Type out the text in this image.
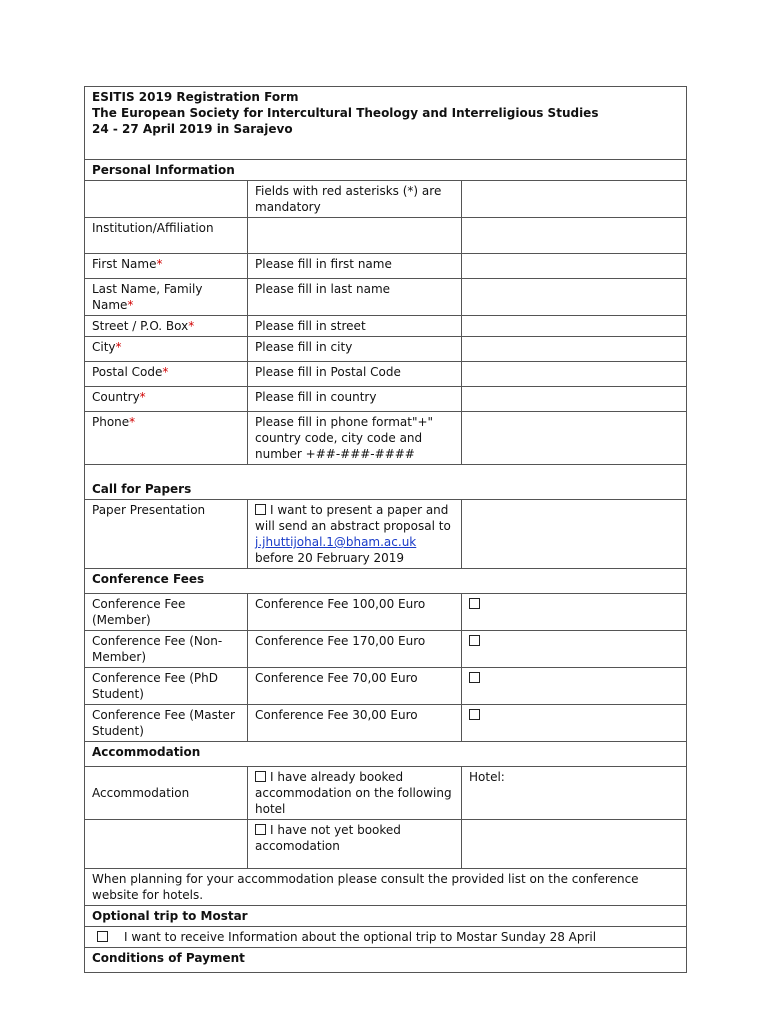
ESITIS 2019 Registration Form
The European Society for Intercultural Theology and Interreligious Studies
24 - 27 April 2019 in Sarajevo		

Personal Information		
	Fields with red asterisks (*) are mandatory	
Institution/Affiliation		
First Name*	Please fill in first name	
Last Name, Family Name*	Please fill in last name	
Street / P.O. Box*	Please fill in street	
City*	Please fill in city	
Postal Code*	Please fill in Postal Code	
Country*	Please fill in country	
Phone*	Please fill in phone format"+" country code, city code and number +##-###-####	
Call for Papers		
Paper Presentation	I want to present a paper and will send an abstract proposal to
j.jhuttijohal.1@bham.ac.uk
before 20 February 2019	
Conference Fees		
Conference Fee (Member)	Conference Fee 100,00 Euro	
Conference Fee (Non-Member)	Conference Fee 170,00 Euro	
Conference Fee (PhD Student)	Conference Fee 70,00 Euro	
Conference Fee (Master Student)	Conference Fee 30,00 Euro	
Accommodation		
Accommodation	I have already booked accommodation on the following hotel	Hotel:
	I have not yet booked accomodation	
When planning for your accommodation please consult the provided list on the conference website for hotels.		
Optional trip to Mostar		
I want to receive Information about the optional trip to Mostar Sunday 28 April		
Conditions of Payment		
